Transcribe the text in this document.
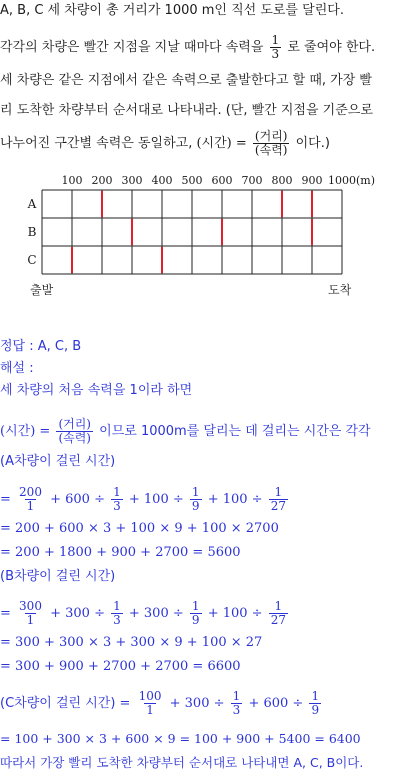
A, B, C 세 차량이 총 거리가 1000 m인 직선 도로를 달린다.
각각의 차량은 빨간 지점을 지날 때마다 속력을 $\frac{1}{3}$ 로 줄여야 한다.
세 차량은 같은 지점에서 같은 속력으로 출발한다고 할 때, 가장 빨
리 도착한 차량부터 순서대로 나타내라. (단, 빨간 지점을 기준으로
나누어진 구간별 속력은 동일하고, (시간) = $\frac{\text{(거리)}}{\text{(속력)}}$ 이다.)
100 200 300 400 500 600 700 800 900 1000 (m)
A
B
C
출발	도착
정답 : A, C, B
해설 :
세 차량의 처음 속력을 1이라 하면
(시간) = $\frac{\text{(거리)}}{\text{(속력)}}$ 이므로 1000m를 달리는 데 걸리는 시간은 각각
(A차량이 걸린 시간)
= $\frac{200}{1} + 600 \div \frac{1}{3} + 100 \div \frac{1}{9} + 100 \div \frac{1}{27}$
= 200 + 600 × 3 + 100 × 9 + 100 × 2700
= 200 + 1800 + 900 + 2700 = 5600
(B차량이 걸린 시간)
= $\frac{300}{1} + 300 \div \frac{1}{3} + 300 \div \frac{1}{9} + 100 \div \frac{1}{27}$
= 300 + 300 × 3 + 300 × 9 + 100 × 27
= 300 + 900 + 2700 + 2700 = 6600
(C차량이 걸린 시간) = $\frac{100}{1} + 300 \div \frac{1}{3} + 600 \div \frac{1}{9}$
= 100 + 300 × 3 + 600 × 9 = 100 + 900 + 5400 = 6400
따라서 가장 빨리 도착한 차량부터 순서대로 나타내면 A, C, B이다.
